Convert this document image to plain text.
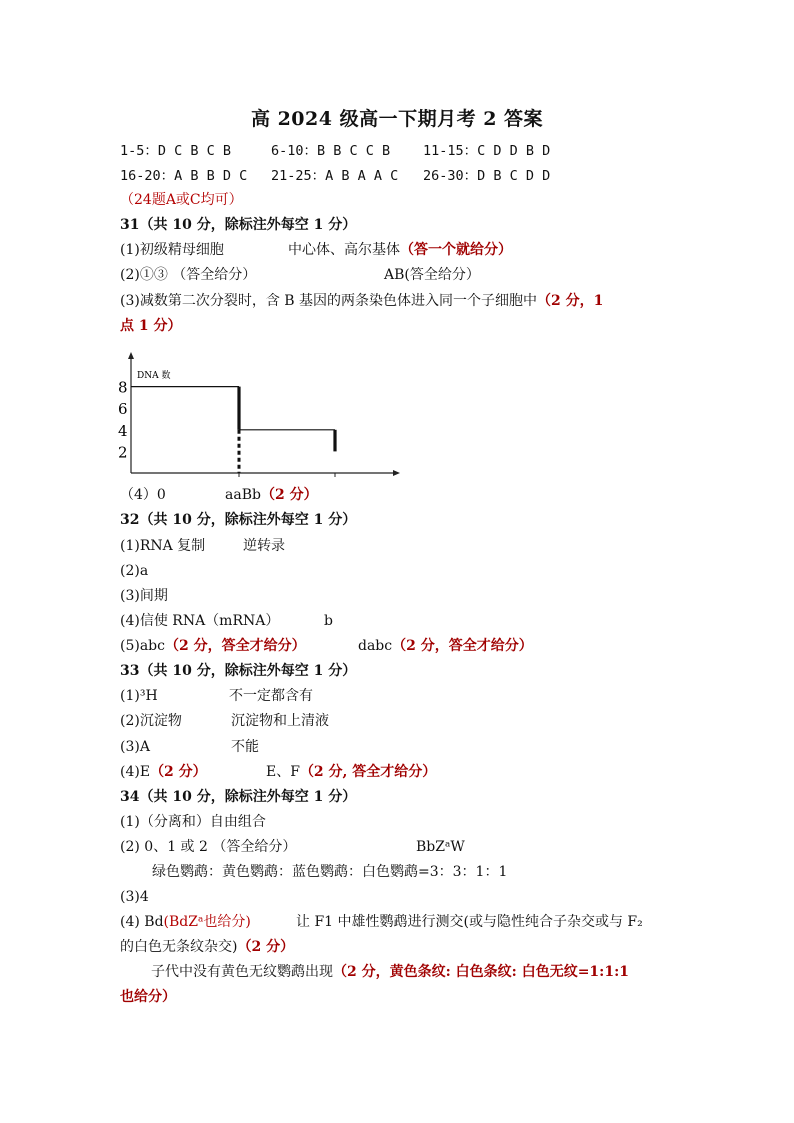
高 2024 级高一下期月考 2 答案
1-5：D C B C B	6-10：B B C C B 11-15：C D D B D
16-20：A B B D C 21-25：A B A A C 26-30：D B C D D
（24题A或C均可）
31（共 10 分，除标注外每空 1 分）
(1)初级精母细胞	中心体、高尔基体（答一个就给分）
(2)①③ （答全给分）	AB(答全给分）
(3)减数第二次分裂时，含 B 基因的两条染色体进入同一个子细胞中（2 分，1
点 1 分）
DNA 数
8
6
4
2
（4）0	aaBb（2 分）
32（共 10 分，除标注外每空 1 分）
(1)RNA 复制	逆转录
(2)a
(3)间期
(4)信使 RNA（mRNA）	b
(5)abc（2 分，答全才给分）	dabc（2 分，答全才给分）
33（共 10 分，除标注外每空 1 分）
(1)³H	不一定都含有
(2)沉淀物	沉淀物和上清液
(3)A	不能
(4)E（2 分）	E、F（2 分, 答全才给分）
34（共 10 分，除标注外每空 1 分）
(1)（分离和）自由组合
(2) 0、1 或 2 （答全给分）	BbZᵃW
绿色鹦鹉：黄色鹦鹉：蓝色鹦鹉：白色鹦鹉=3：3：1：1
(3)4
(4) Bd(BdZᵃ也给分)	让 F1 中雄性鹦鹉进行测交(或与隐性纯合子杂交或与 F₂
的白色无条纹杂交)（2 分）
子代中没有黄色无纹鹦鹉出现（2 分，黄色条纹: 白色条纹: 白色无纹=1:1:1
也给分）
